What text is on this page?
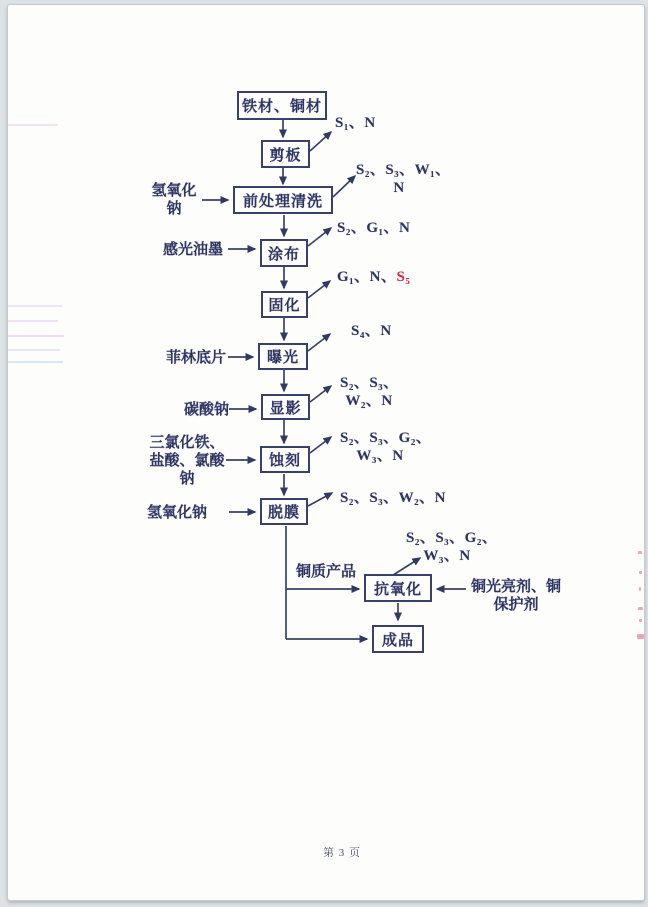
铁材、铜材
剪板
前处理清洗
涂布
固化
曝光
显影
蚀刻
脱膜
抗氧化
成品
氢氧化
钠
感光油墨
菲林底片
碳酸钠
三氯化铁、
盐酸、氯酸
钠
氢氧化钠
铜光亮剂、铜
保护剂
铜质产品
S₁、N
S₂、S₃、W₁、
N
S₂、G₁、N
G₁、N、S₅
S₄、N
S₂、S₃、
W₂、N
S₂、S₃、G₂、
W₃、N
S₂、S₃、W₂、N
S₂、S₃、G₂、
W₃、N
第 3 页
